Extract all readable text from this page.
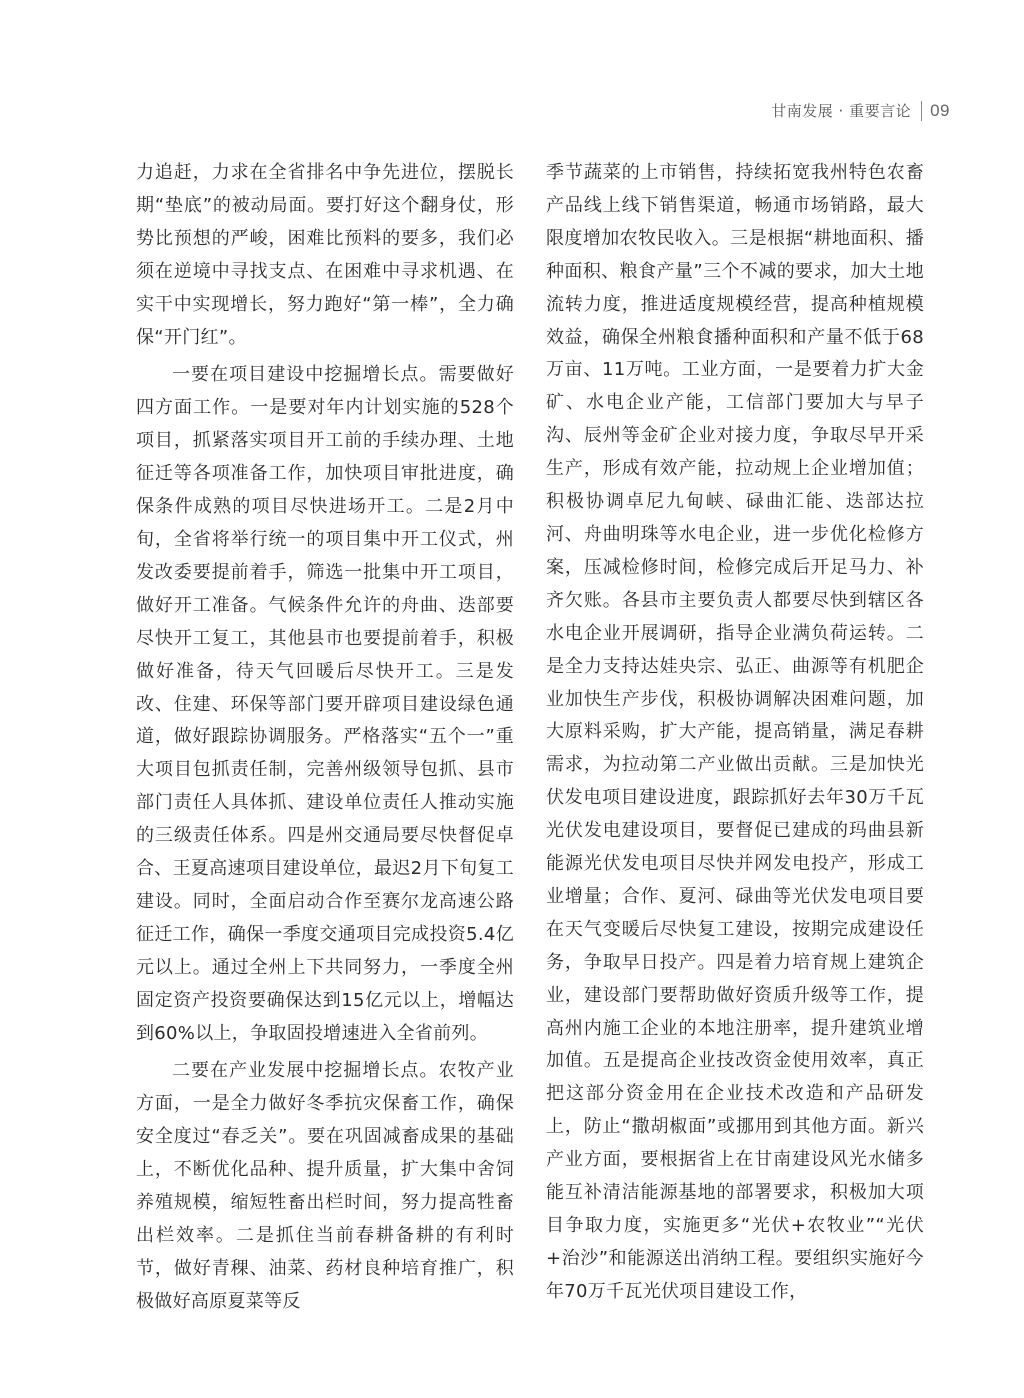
甘南发展 · 重要言论 09

力追赶，力求在全省排名中争先进位，摆脱长期“垫底”的被动局面。要打好这个翻身仗，形势比预想的严峻，困难比预料的要多，我们必须在逆境中寻找支点、在困难中寻求机遇、在实干中实现增长，努力跑好“第一棒”，全力确保“开门红”。

一要在项目建设中挖掘增长点。需要做好四方面工作。一是要对年内计划实施的528个项目，抓紧落实项目开工前的手续办理、土地征迁等各项准备工作，加快项目审批进度，确保条件成熟的项目尽快进场开工。二是2月中旬，全省将举行统一的项目集中开工仪式，州发改委要提前着手，筛选一批集中开工项目，做好开工准备。气候条件允许的舟曲、迭部要尽快开工复工，其他县市也要提前着手，积极做好准备，待天气回暖后尽快开工。三是发改、住建、环保等部门要开辟项目建设绿色通道，做好跟踪协调服务。严格落实“五个一”重大项目包抓责任制，完善州级领导包抓、县市部门责任人具体抓、建设单位责任人推动实施的三级责任体系。四是州交通局要尽快督促卓合、王夏高速项目建设单位，最迟2月下旬复工建设。同时，全面启动合作至赛尔龙高速公路征迁工作，确保一季度交通项目完成投资5.4亿元以上。通过全州上下共同努力，一季度全州固定资产投资要确保达到15亿元以上，增幅达到60%以上，争取固投增速进入全省前列。

二要在产业发展中挖掘增长点。农牧产业方面，一是全力做好冬季抗灾保畜工作，确保安全度过“春乏关”。要在巩固减畜成果的基础上，不断优化品种、提升质量，扩大集中舍饲养殖规模，缩短牲畜出栏时间，努力提高牲畜出栏效率。二是抓住当前春耕备耕的有利时节，做好青稞、油菜、药材良种培育推广，积极做好高原夏菜等反

季节蔬菜的上市销售，持续拓宽我州特色农畜产品线上线下销售渠道，畅通市场销路，最大限度增加农牧民收入。三是根据“耕地面积、播种面积、粮食产量”三个不减的要求，加大土地流转力度，推进适度规模经营，提高种植规模效益，确保全州粮食播种面积和产量不低于68万亩、11万吨。工业方面，一是要着力扩大金矿、水电企业产能，工信部门要加大与早子沟、辰州等金矿企业对接力度，争取尽早开采生产，形成有效产能，拉动规上企业增加值；积极协调卓尼九甸峡、碌曲汇能、迭部达拉河、舟曲明珠等水电企业，进一步优化检修方案，压减检修时间，检修完成后开足马力、补齐欠账。各县市主要负责人都要尽快到辖区各水电企业开展调研，指导企业满负荷运转。二是全力支持达娃央宗、弘正、曲源等有机肥企业加快生产步伐，积极协调解决困难问题，加大原料采购，扩大产能，提高销量，满足春耕需求，为拉动第二产业做出贡献。三是加快光伏发电项目建设进度，跟踪抓好去年30万千瓦光伏发电建设项目，要督促已建成的玛曲县新能源光伏发电项目尽快并网发电投产，形成工业增量；合作、夏河、碌曲等光伏发电项目要在天气变暖后尽快复工建设，按期完成建设任务，争取早日投产。四是着力培育规上建筑企业，建设部门要帮助做好资质升级等工作，提高州内施工企业的本地注册率，提升建筑业增加值。五是提高企业技改资金使用效率，真正把这部分资金用在企业技术改造和产品研发上，防止“撒胡椒面”或挪用到其他方面。新兴产业方面，要根据省上在甘南建设风光水储多能互补清洁能源基地的部署要求，积极加大项目争取力度，实施更多“光伏+农牧业”“光伏+治沙”和能源送出消纳工程。要组织实施好今年70万千瓦光伏项目建设工作，
